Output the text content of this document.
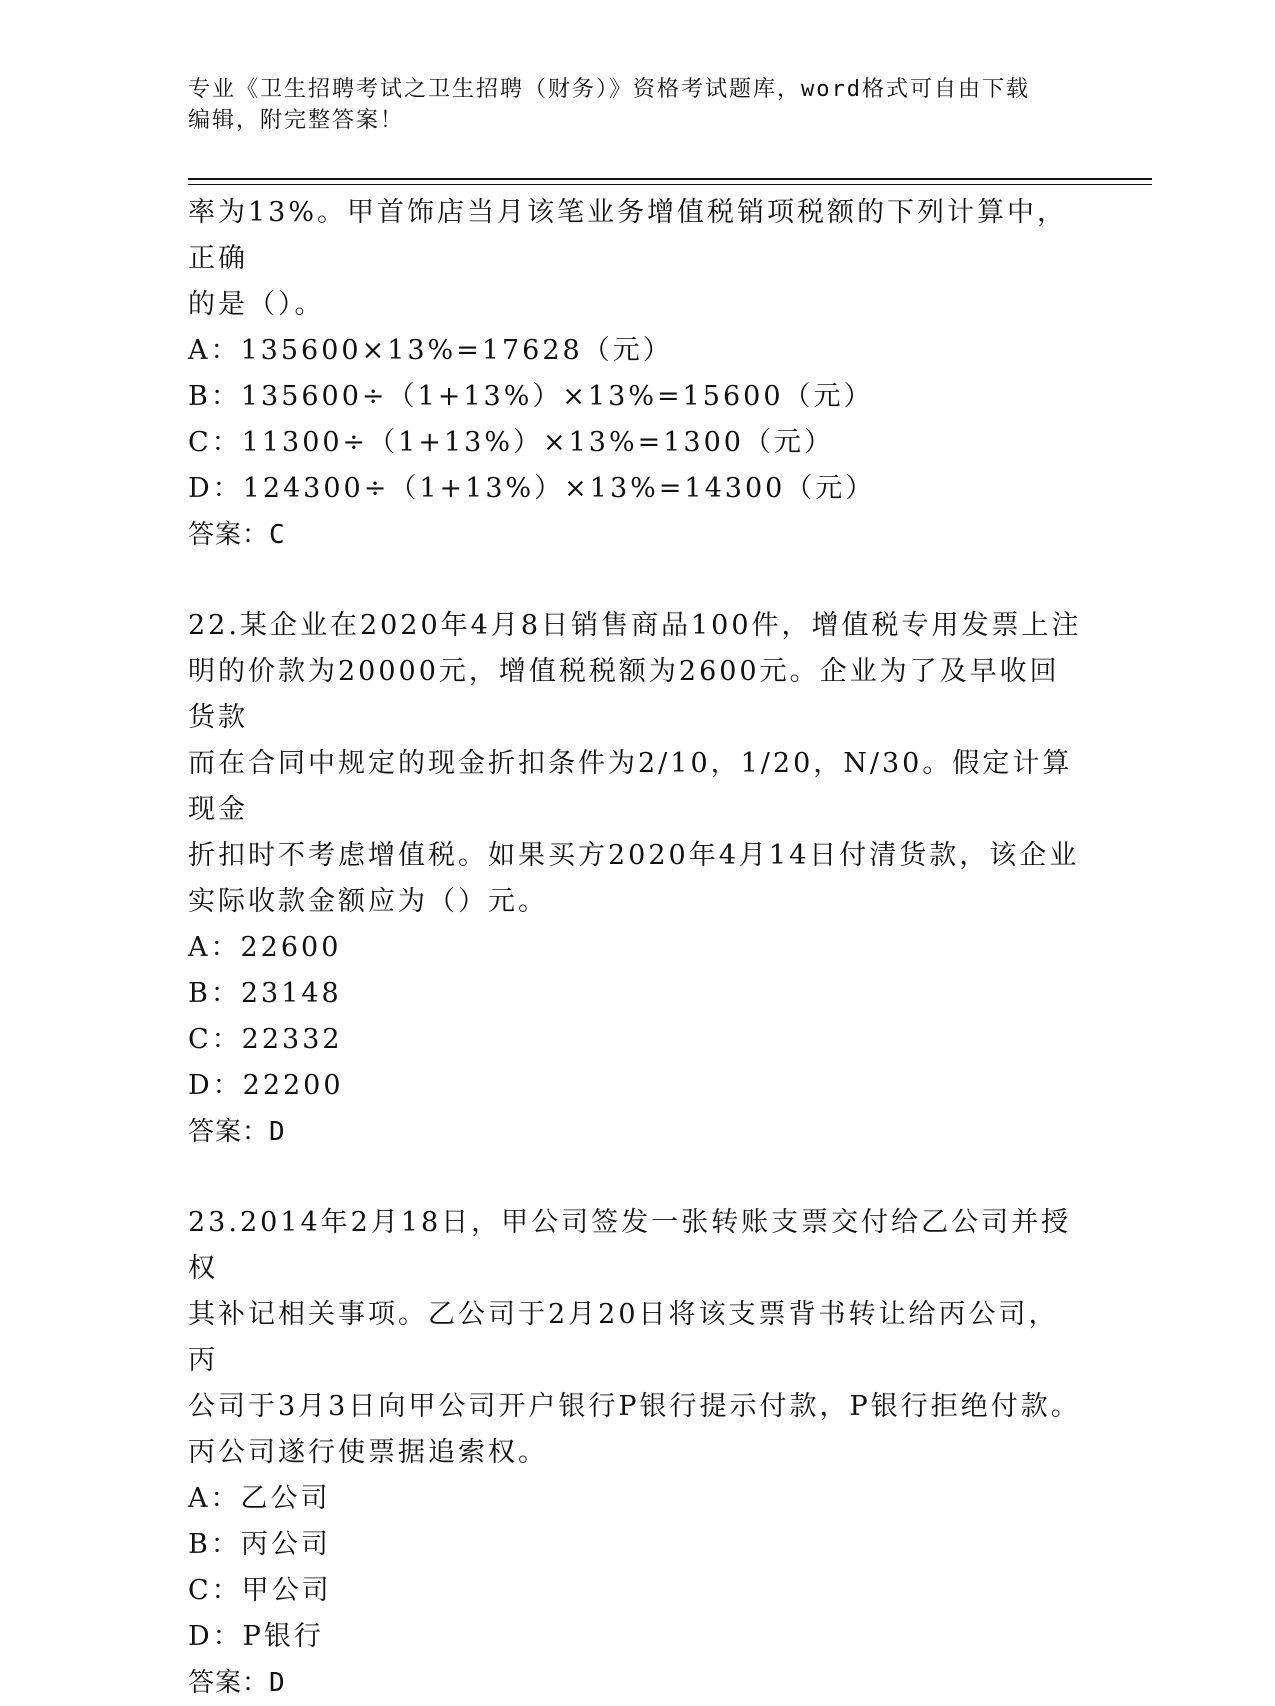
专业《卫生招聘考试之卫生招聘（财务）》资格考试题库，word格式可自由下载
编辑，附完整答案！

率为13%。甲首饰店当月该笔业务增值税销项税额的下列计算中，正确

的是（）。

A：135600×13%=17628（元）

B：135600÷（1+13%）×13%=15600（元）

C：11300÷（1+13%）×13%=1300（元）

D：124300÷（1+13%）×13%=14300（元）

答案：C

22.某企业在2020年4月8日销售商品100件，增值税专用发票上注

明的价款为20000元，增值税税额为2600元。企业为了及早收回货款

而在合同中规定的现金折扣条件为2/10，1/20，N/30。假定计算现金

折扣时不考虑增值税。如果买方2020年4月14日付清货款，该企业

实际收款金额应为（）元。

A：22600

B：23148

C：22332

D：22200

答案：D

23.2014年2月18日，甲公司签发一张转账支票交付给乙公司并授权

其补记相关事项。乙公司于2月20日将该支票背书转让给丙公司，丙

公司于3月3日向甲公司开户银行P银行提示付款，P银行拒绝付款。

丙公司遂行使票据追索权。

A：乙公司

B：丙公司

C：甲公司

D：P银行

答案：D
